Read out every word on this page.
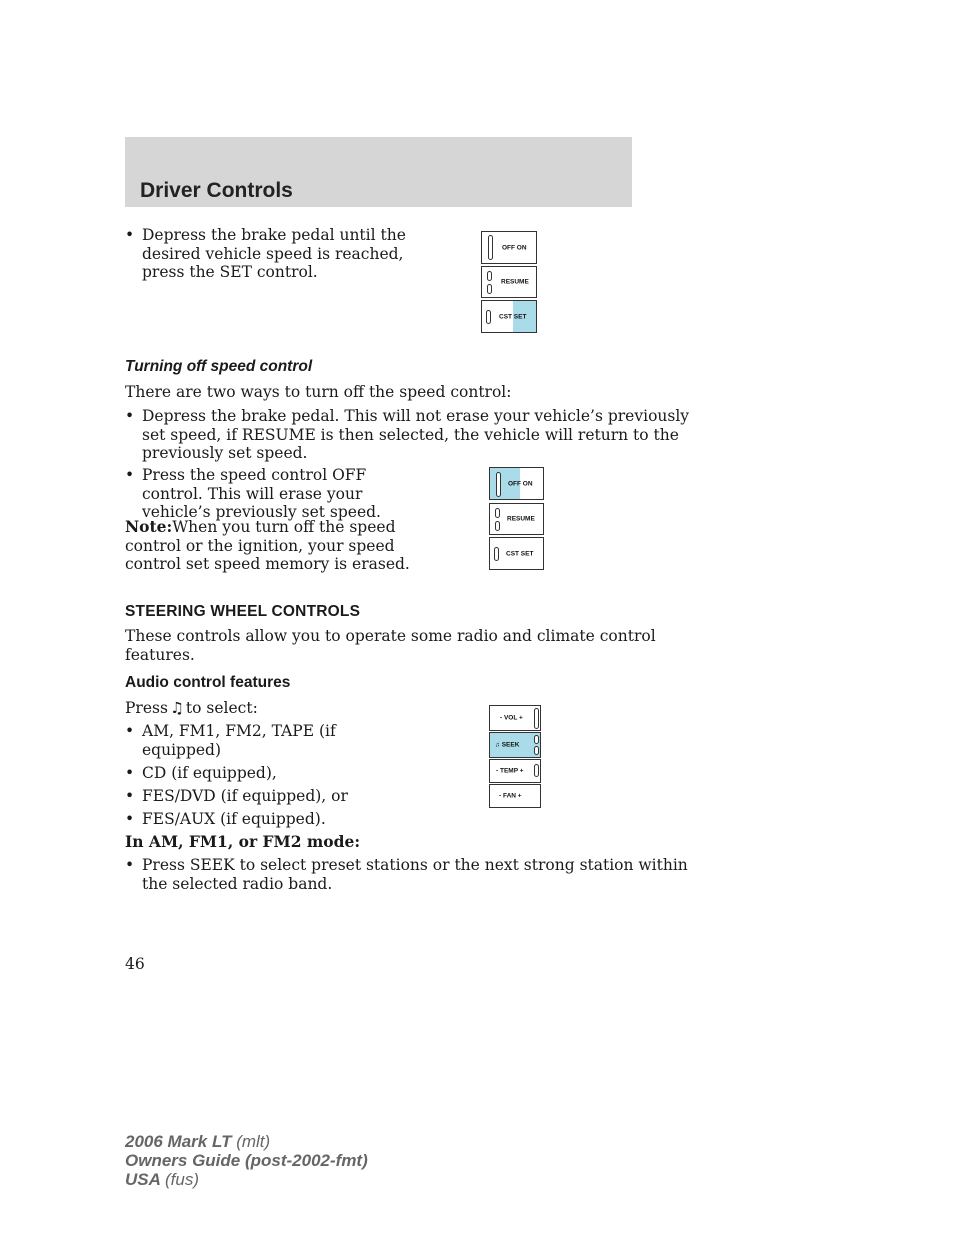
Driver Controls
• Depress the brake pedal until the
desired vehicle speed is reached,
press the SET control.
OFF ON
RESUME
CST SET
Turning off speed control

There are two ways to turn off the speed control:

• Depress the brake pedal. This will not erase your vehicle’s previously
set speed, if RESUME is then selected, the vehicle will return to the
previously set speed.
• Press the speed control OFF
control. This will erase your
vehicle’s previously set speed.
Note:When you turn off the speed
control or the ignition, your speed
control set speed memory is erased.
OFF ON
RESUME
CST SET
STEERING WHEEL CONTROLS
These controls allow you to operate some radio and climate control
features.
Audio control features
Press ♫ to select:
• AM, FM1, FM2, TAPE (if
equipped)
• CD (if equipped),
• FES/DVD (if equipped), or
• FES/AUX (if equipped).

In AM, FM1, or FM2 mode:

• Press SEEK to select preset stations or the next strong station within
the selected radio band.
- VOL +
♫ SEEK
- TEMP +
- FAN +
46
2006 Mark LT (mlt)
Owners Guide (post-2002-fmt)
USA (fus)
